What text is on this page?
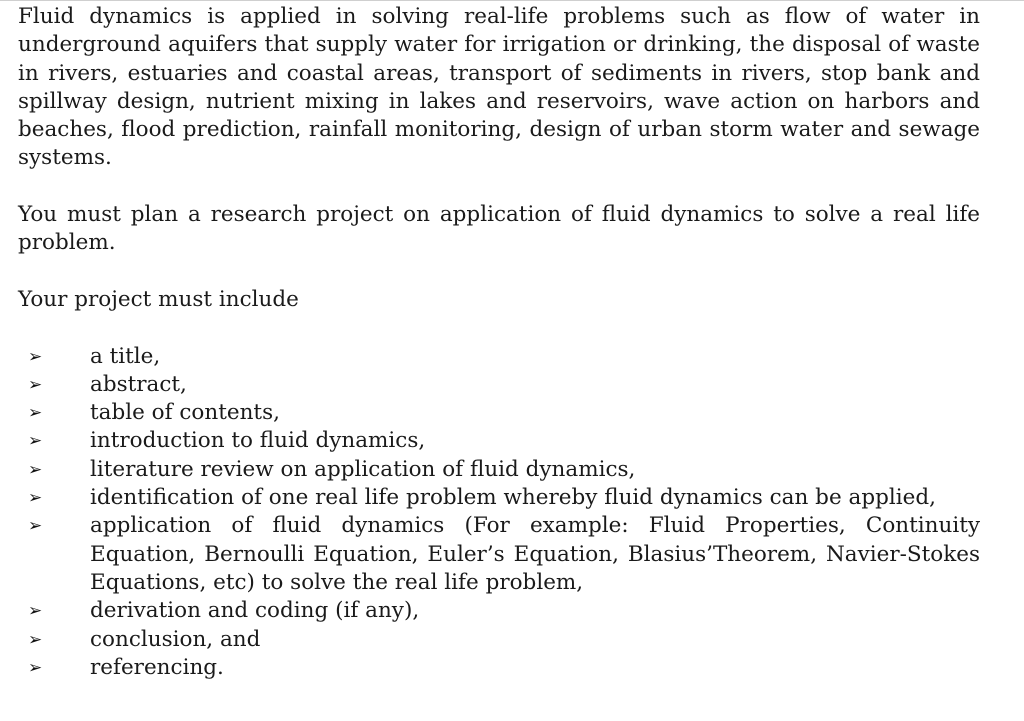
Fluid dynamics is applied in solving real-life problems such as flow of water in underground aquifers that supply water for irrigation or drinking, the disposal of waste in rivers, estuaries and coastal areas, transport of sediments in rivers, stop bank and spillway design, nutrient mixing in lakes and reservoirs, wave action on harbors and beaches, flood prediction, rainfall monitoring, design of urban storm water and sewage systems.

You must plan a research project on application of fluid dynamics to solve a real life problem.

Your project must include

➢ a title,
➢ abstract,
➢ table of contents,
➢ introduction to fluid dynamics,
➢ literature review on application of fluid dynamics,
➢ identification of one real life problem whereby fluid dynamics can be applied,
➢ application of fluid dynamics (For example: Fluid Properties, Continuity Equation, Bernoulli Equation, Euler’s Equation, Blasius’Theorem, Navier-Stokes Equations, etc) to solve the real life problem,
➢ derivation and coding (if any),
➢ conclusion, and
➢ referencing.
